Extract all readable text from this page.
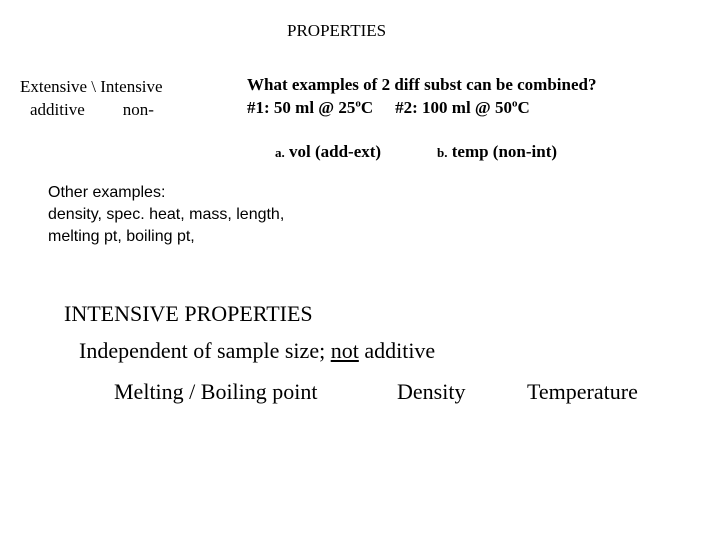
PROPERTIES
Extensive \ Intensive
additive non-
What examples of 2 diff subst can be combined?
#1: 50 ml @ 25$^o$C #2: 100 ml @ 50$^o$C
a. vol (add-ext)	b. temp (non-int)
Other examples:
density, spec. heat, mass, length,
melting pt, boiling pt,
INTENSIVE PROPERTIES
Independent of sample size; not additive
Melting / Boiling point	Density	Temperature
